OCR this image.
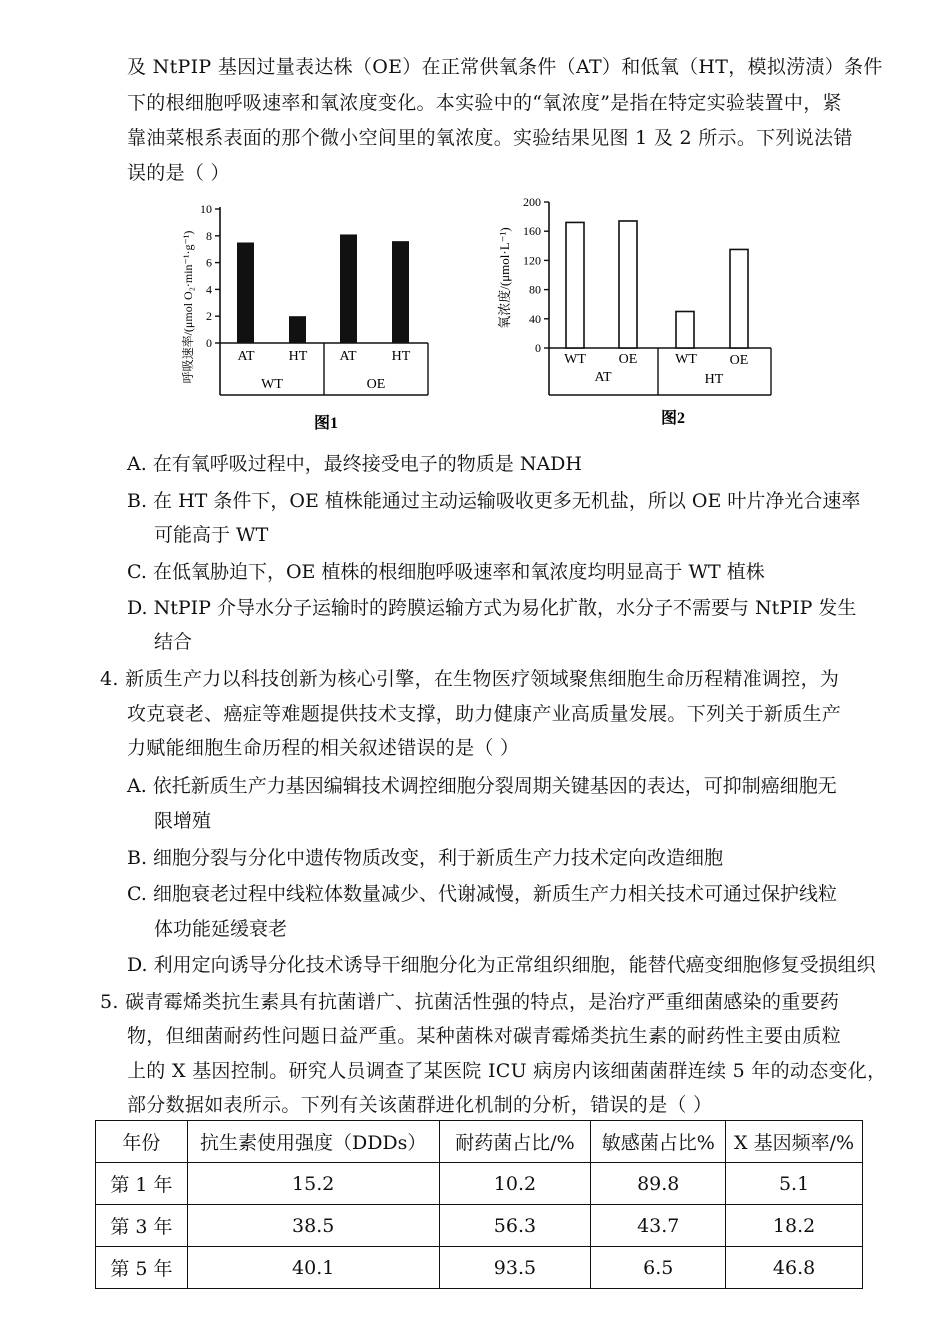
及 NtPIP 基因过量表达株（OE）在正常供氧条件（AT）和低氧（HT，模拟涝渍）条件
下的根细胞呼吸速率和氧浓度变化。本实验中的“氧浓度”是指在特定实验装置中，紧
靠油菜根系表面的那个微小空间里的氧浓度。实验结果见图 1 及 2 所示。下列说法错
误的是（ ）
呼吸速率/(μmol O₂·min⁻¹·g⁻¹)
10
8
6
4
2
0
AT HT AT	HT
WT	OE
图1
氧浓度/(μmol·L⁻¹)
200
160
120
80
40
0
WT OE	WT OE
AT	HT
图2
A. 在有氧呼吸过程中，最终接受电子的物质是 NADH
B. 在 HT 条件下，OE 植株能通过主动运输吸收更多无机盐，所以 OE 叶片净光合速率
可能高于 WT
C. 在低氧胁迫下，OE 植株的根细胞呼吸速率和氧浓度均明显高于 WT 植株
D. NtPIP 介导水分子运输时的跨膜运输方式为易化扩散，水分子不需要与 NtPIP 发生
结合
4. 新质生产力以科技创新为核心引擎，在生物医疗领域聚焦细胞生命历程精准调控，为
攻克衰老、癌症等难题提供技术支撑，助力健康产业高质量发展。下列关于新质生产
力赋能细胞生命历程的相关叙述错误的是（ ）
A. 依托新质生产力基因编辑技术调控细胞分裂周期关键基因的表达，可抑制癌细胞无
限增殖
B. 细胞分裂与分化中遗传物质改变，利于新质生产力技术定向改造细胞
C. 细胞衰老过程中线粒体数量减少、代谢减慢，新质生产力相关技术可通过保护线粒
体功能延缓衰老
D. 利用定向诱导分化技术诱导干细胞分化为正常组织细胞，能替代癌变细胞修复受损组织
5. 碳青霉烯类抗生素具有抗菌谱广、抗菌活性强的特点，是治疗严重细菌感染的重要药
物，但细菌耐药性问题日益严重。某种菌株对碳青霉烯类抗生素的耐药性主要由质粒
上的 X 基因控制。研究人员调查了某医院 ICU 病房内该细菌菌群连续 5 年的动态变化，
部分数据如表所示。下列有关该菌群进化机制的分析，错误的是（ ）
年份	抗生素使用强度（DDDs）	耐药菌占比/%	敏感菌占比%	X 基因频率/%
第 1 年	15.2	10.2	89.8	5.1
第 3 年	38.5	56.3	43.7	18.2
第 5 年	40.1	93.5	6.5	46.8
